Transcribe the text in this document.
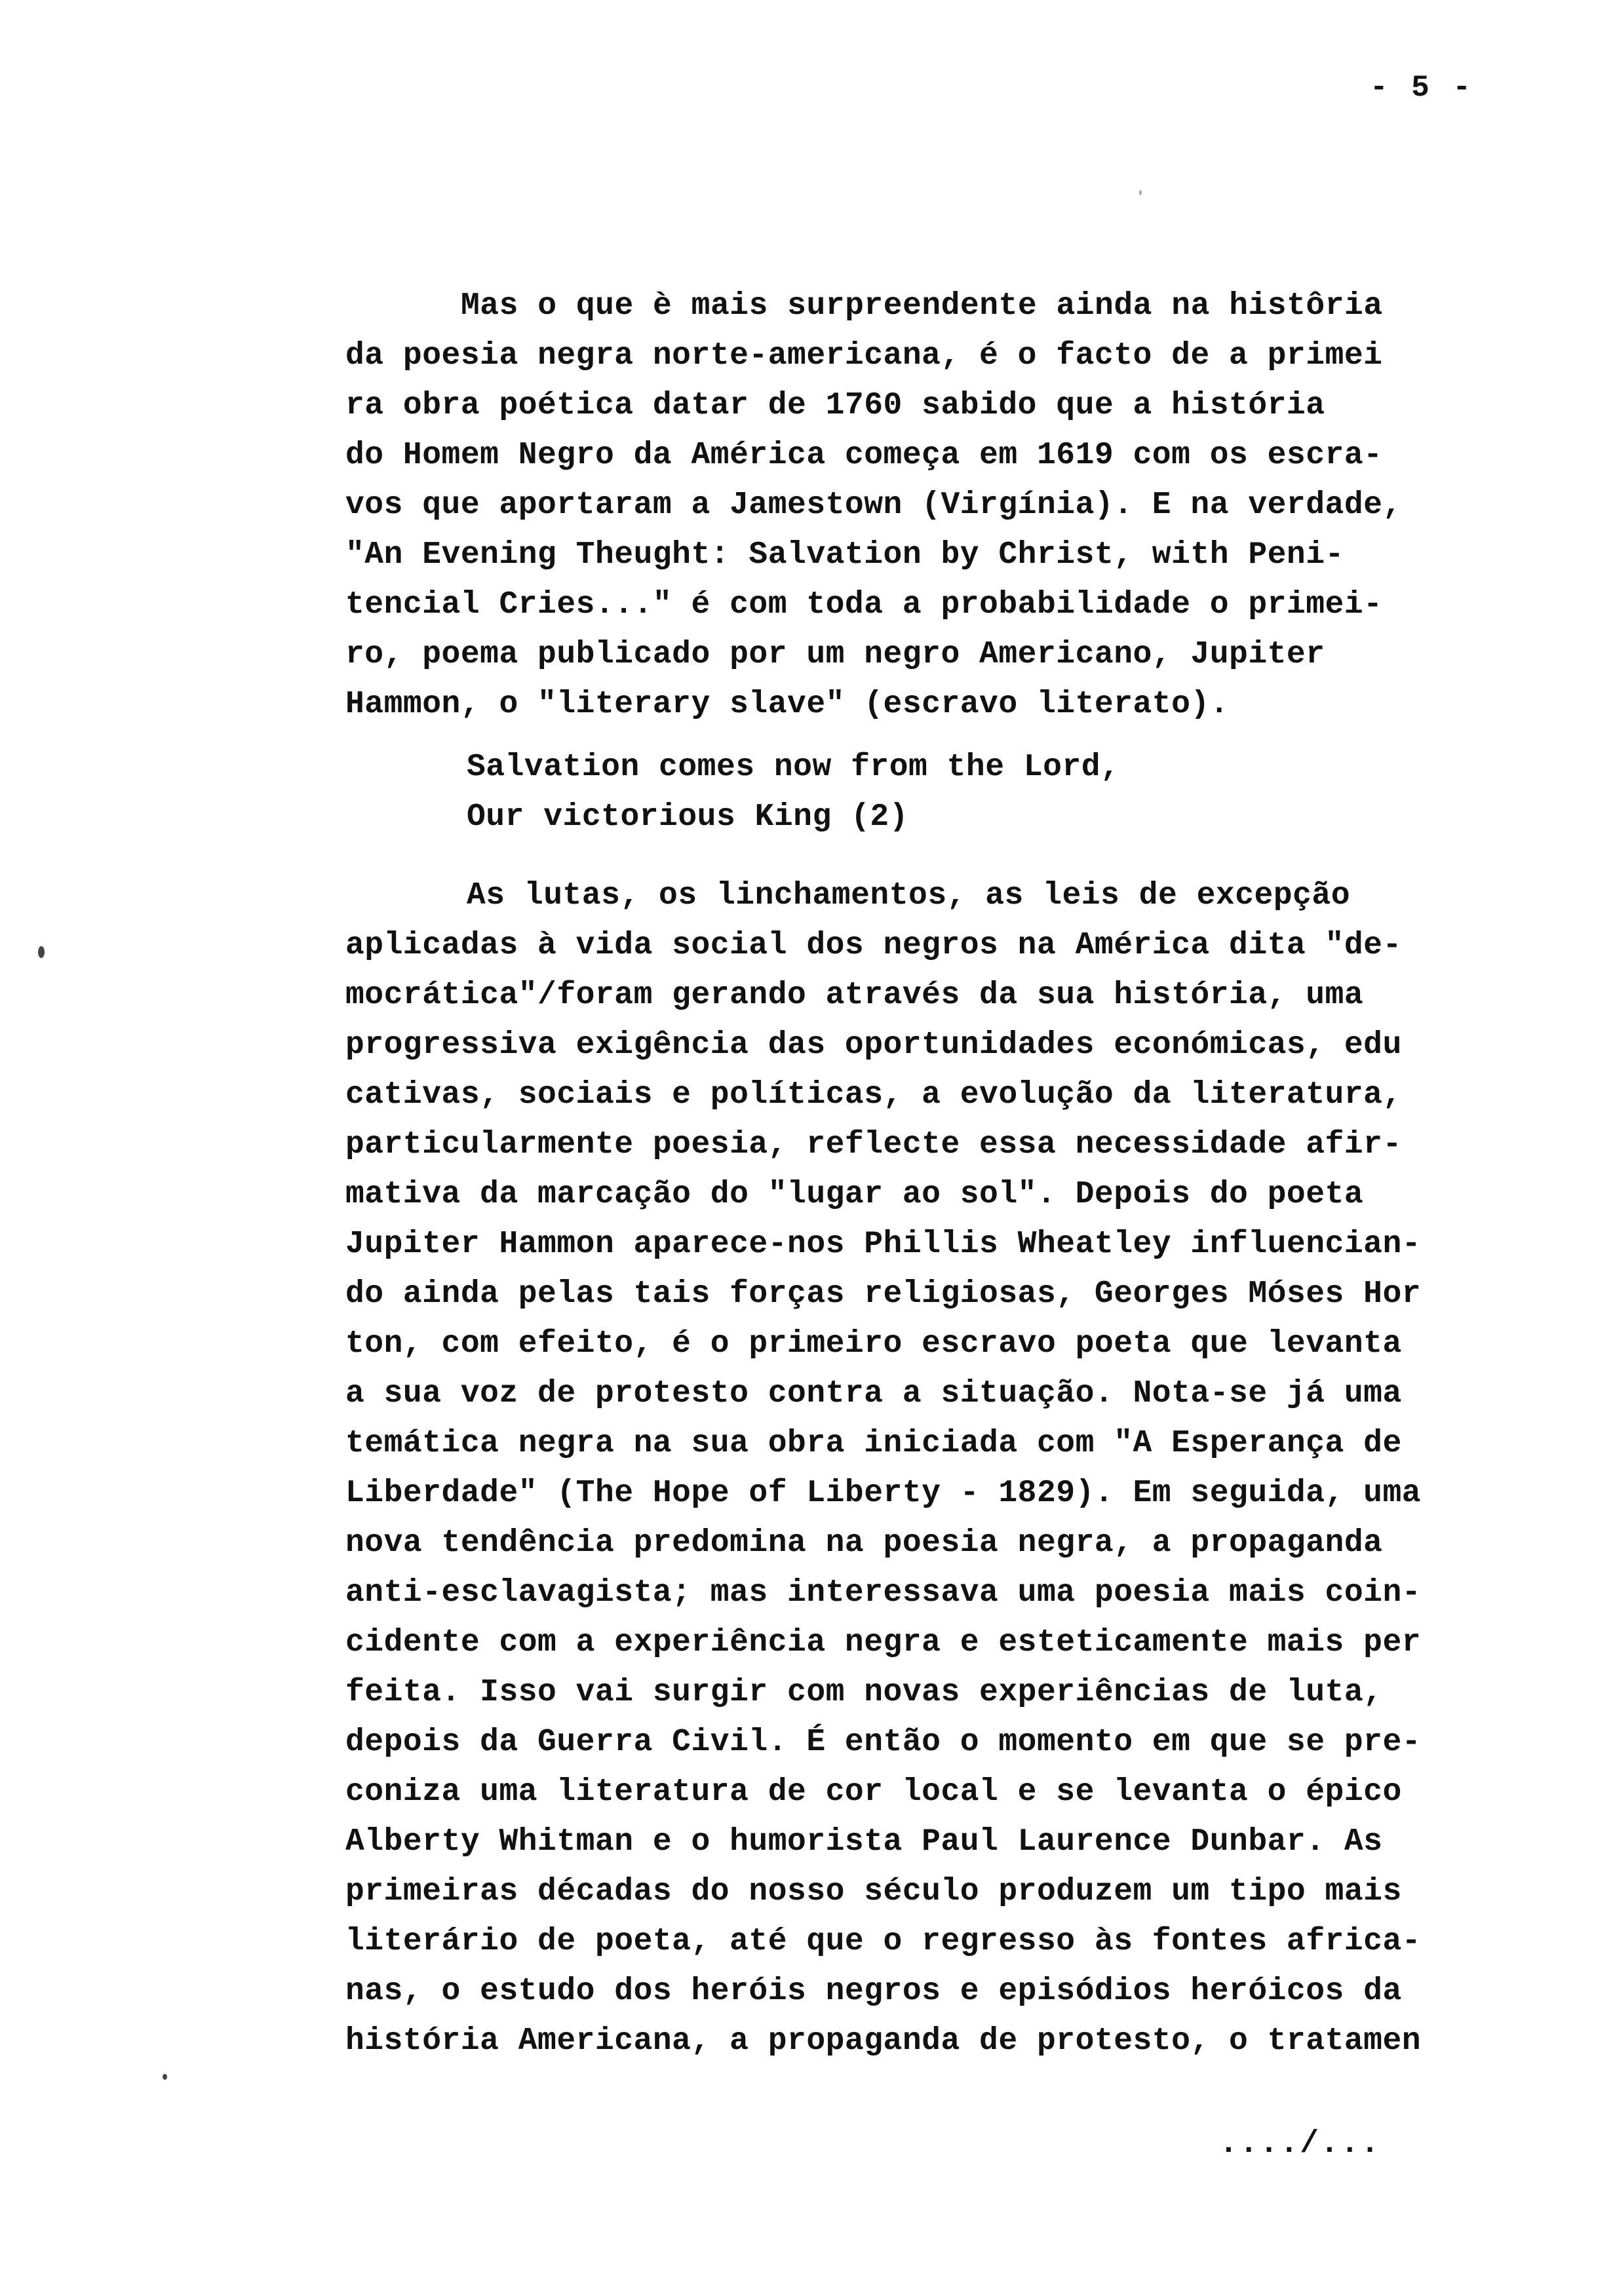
- 5 -
Mas o que è mais surpreendente ainda na histôria
da poesia negra norte-americana, é o facto de a primei
ra obra poética datar de 1760 sabido que a história
do Homem Negro da América começa em 1619 com os escra-
vos que aportaram a Jamestown (Virgínia). E na verdade,
"An Evening Theught: Salvation by Christ, with Peni-
tencial Cries..." é com toda a probabilidade o primei-
ro, poema publicado por um negro Americano, Jupiter
Hammon, o "literary slave" (escravo literato).
Salvation comes now from the Lord,
Our victorious King (2)
As lutas, os linchamentos, as leis de excepção
aplicadas à vida social dos negros na América dita "de-
mocrática"/foram gerando através da sua história, uma
progressiva exigência das oportunidades económicas, edu
cativas, sociais e políticas, a evolução da literatura,
particularmente poesia, reflecte essa necessidade afir-
mativa da marcação do "lugar ao sol". Depois do poeta
Jupiter Hammon aparece-nos Phillis Wheatley influencian-
do ainda pelas tais forças religiosas, Georges Móses Hor
ton, com efeito, é o primeiro escravo poeta que levanta
a sua voz de protesto contra a situação. Nota-se já uma
temática negra na sua obra iniciada com "A Esperança de
Liberdade" (The Hope of Liberty - 1829). Em seguida, uma
nova tendência predomina na poesia negra, a propaganda
anti-esclavagista; mas interessava uma poesia mais coin-
cidente com a experiência negra e esteticamente mais per
feita. Isso vai surgir com novas experiências de luta,
depois da Guerra Civil. É então o momento em que se pre-
coniza uma literatura de cor local e se levanta o épico
Alberty Whitman e o humorista Paul Laurence Dunbar. As
primeiras décadas do nosso século produzem um tipo mais
literário de poeta, até que o regresso às fontes africa-
nas, o estudo dos heróis negros e episódios heróicos da
história Americana, a propaganda de protesto, o tratamen
..../...
